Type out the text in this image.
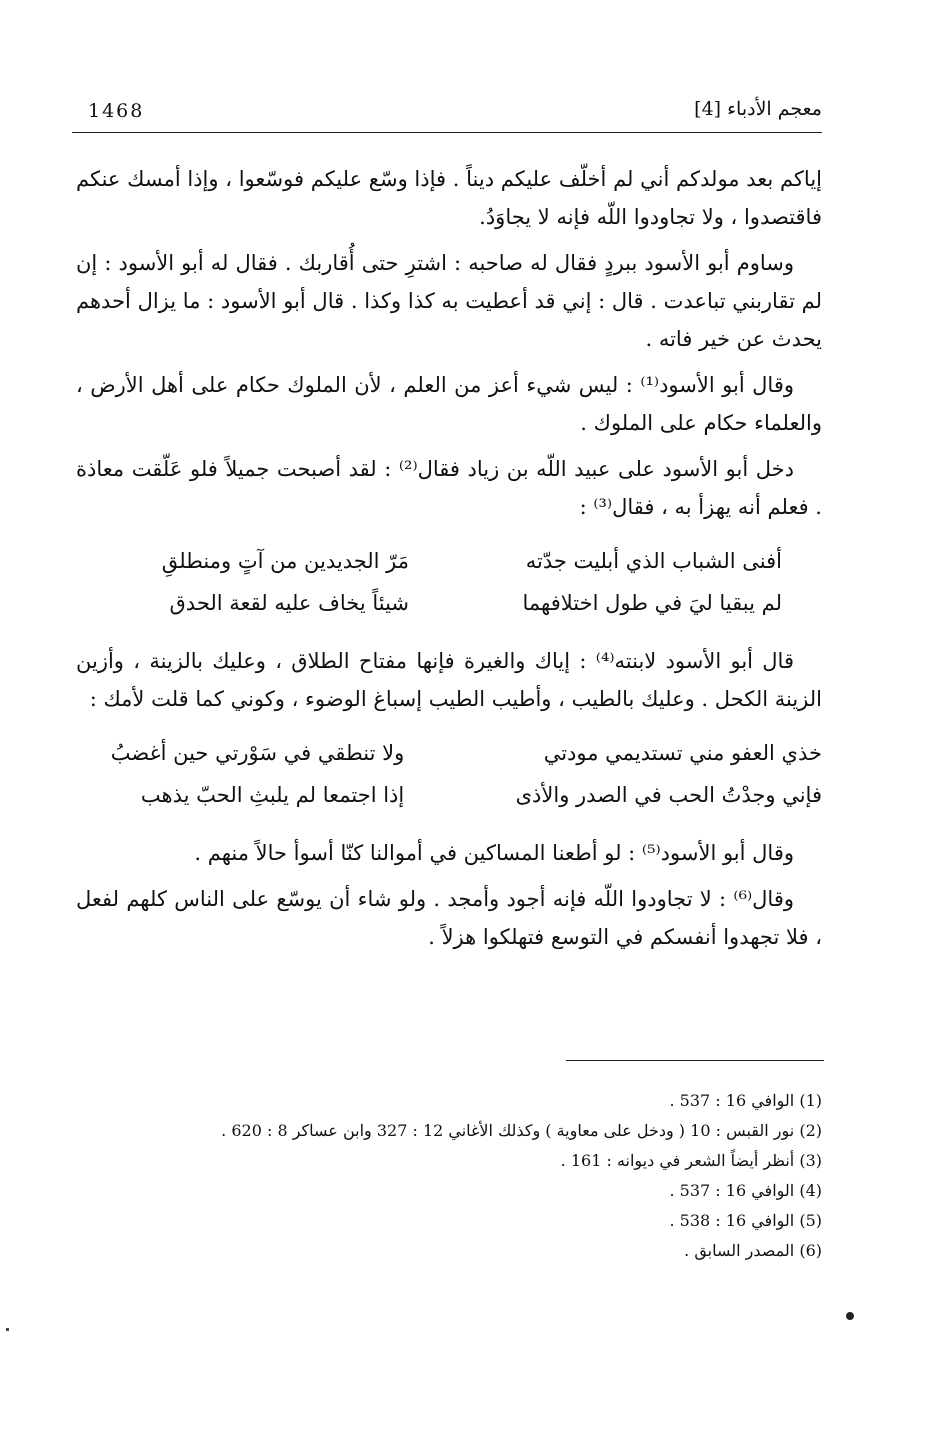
1468	معجم الأدباء [4]

إياكم بعد مولدكم أني لم أخلّف عليكم ديناً . فإذا وسّع عليكم فوسّعوا ، وإذا أمسك عنكم فاقتصدوا ، ولا تجاودوا اللّه فإنه لا يجاوَدُ.

وساوم أبو الأسود ببردٍ فقال له صاحبه : اشترِ حتى أُقاربك . فقال له أبو الأسود : إن لم تقاربني تباعدت . قال : إني قد أعطيت به كذا وكذا . قال أبو الأسود : ما يزال أحدهم يحدث عن خير فاته .

وقال أبو الأسود⁽¹⁾ : ليس شيء أعز من العلم ، لأن الملوك حكام على أهل الأرض ، والعلماء حكام على الملوك .

دخل أبو الأسود على عبيد اللّه بن زياد فقال⁽²⁾ : لقد أصبحت جميلاً فلو عَلّقت معاذة . فعلم أنه يهزأ به ، فقال⁽³⁾ :

أفنى الشباب الذي أبليت جدّته
مَرّ الجديدين من آتٍ ومنطلقِ
لم يبقيا ليَ في طول اختلافهما
شيئاً يخاف عليه لقعة الحدق

قال أبو الأسود لابنته⁽⁴⁾ : إياك والغيرة فإنها مفتاح الطلاق ، وعليك بالزينة ، وأزين الزينة الكحل . وعليك بالطيب ، وأطيب الطيب إسباغ الوضوء ، وكوني كما قلت لأمك :

خذي العفو مني تستديمي مودتي
ولا تنطقي في سَوْرتي حين أغضبُ
فإني وجدْتُ الحب في الصدر والأذى
إذا اجتمعا لم يلبثِ الحبّ يذهب

وقال أبو الأسود⁽⁵⁾ : لو أطعنا المساكين في أموالنا كنّا أسوأ حالاً منهم .

وقال⁽⁶⁾ : لا تجاودوا اللّه فإنه أجود وأمجد . ولو شاء أن يوسّع على الناس كلهم لفعل ، فلا تجهدوا أنفسكم في التوسع فتهلكوا هزلاً .

(1) الوافي 16 : 537 .
(2) نور القبس : 10 ( ودخل على معاوية ) وكذلك الأغاني 12 : 327 وابن عساكر 8 : 620 .
(3) أنظر أيضاً الشعر في ديوانه : 161 .
(4) الوافي 16 : 537 .
(5) الوافي 16 : 538 .
(6) المصدر السابق .
